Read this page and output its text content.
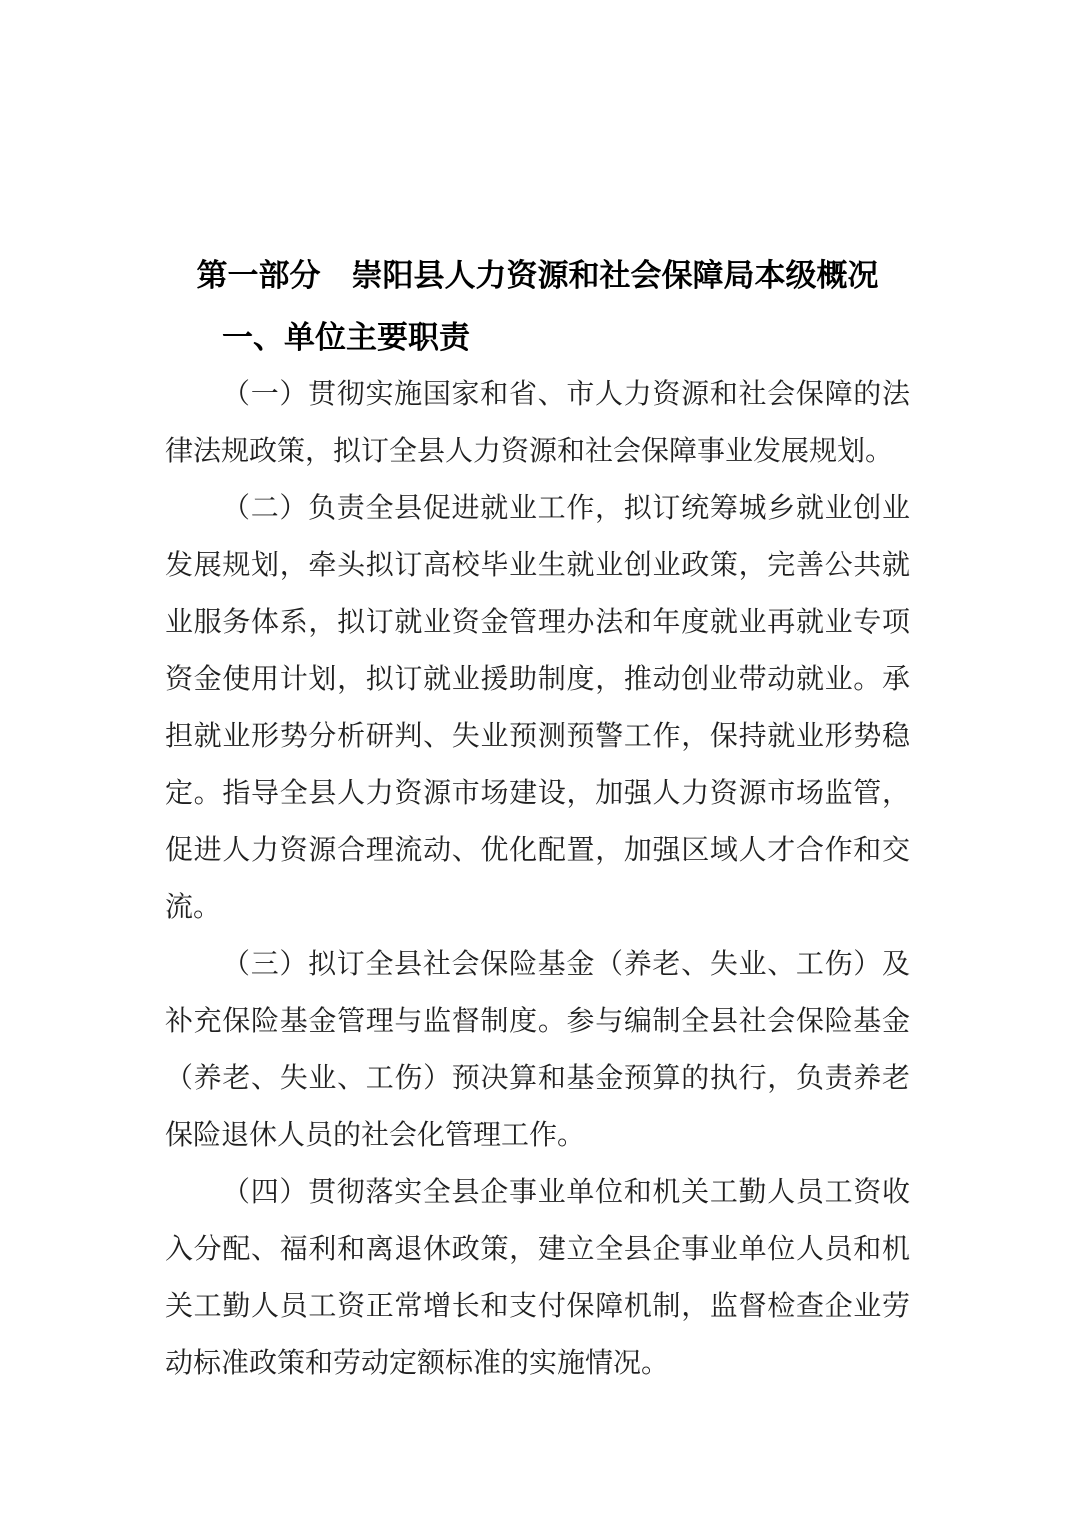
第一部分　崇阳县人力资源和社会保障局本级概况
一、单位主要职责

（一）贯彻实施国家和省、市人力资源和社会保障的法律法规政策，拟订全县人力资源和社会保障事业发展规划。

（二）负责全县促进就业工作，拟订统筹城乡就业创业发展规划，牵头拟订高校毕业生就业创业政策，完善公共就业服务体系，拟订就业资金管理办法和年度就业再就业专项资金使用计划，拟订就业援助制度，推动创业带动就业。承担就业形势分析研判、失业预测预警工作，保持就业形势稳定。指导全县人力资源市场建设，加强人力资源市场监管，促进人力资源合理流动、优化配置，加强区域人才合作和交流。

（三）拟订全县社会保险基金（养老、失业、工伤）及补充保险基金管理与监督制度。参与编制全县社会保险基金（养老、失业、工伤）预决算和基金预算的执行，负责养老保险退休人员的社会化管理工作。

（四）贯彻落实全县企事业单位和机关工勤人员工资收入分配、福利和离退休政策，建立全县企事业单位人员和机关工勤人员工资正常增长和支付保障机制，监督检查企业劳动标准政策和劳动定额标准的实施情况。
